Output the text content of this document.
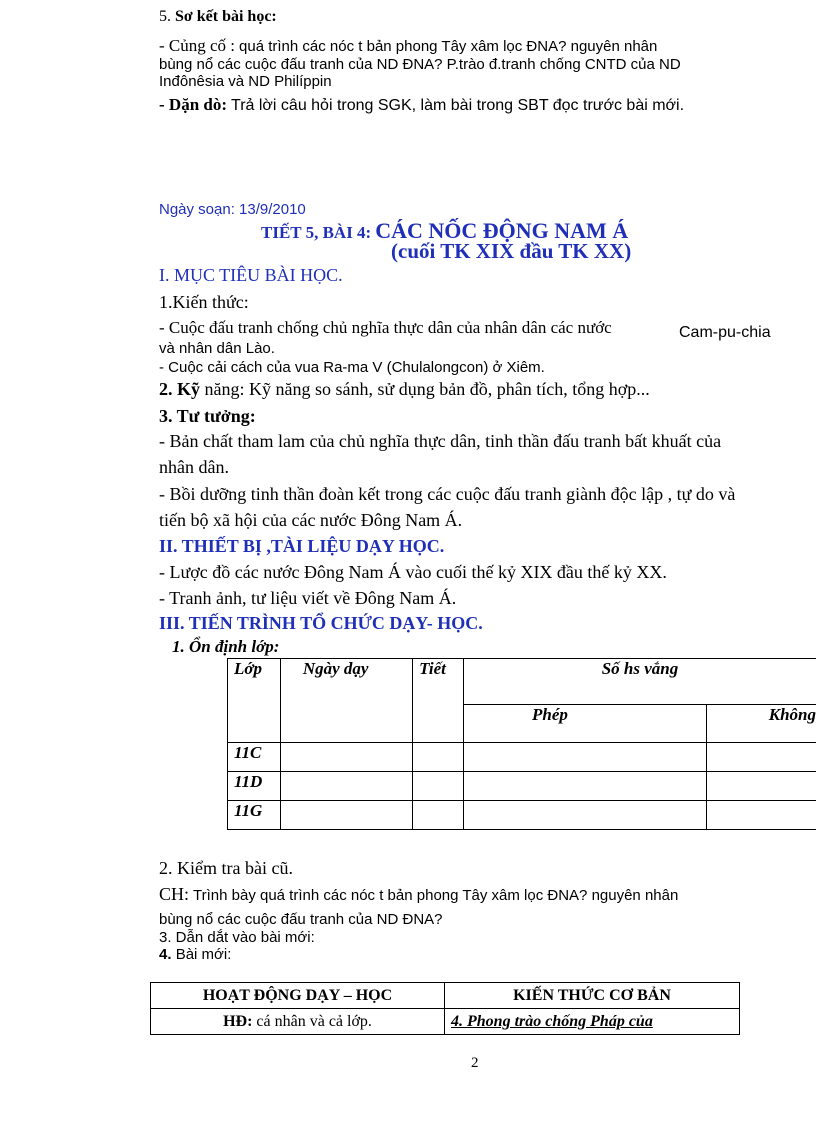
5. Sơ kết bài học:
- Củng cố : quá trình các nóc t bản phong Tây xâm lọc ĐNA? nguyên nhân
bùng nổ các cuộc đấu tranh của ND ĐNA? P.trào đ.tranh chống CNTD của ND
Inđônêsia và ND Philíppin
- Dặn dò: Trả lời câu hỏi trong SGK, làm bài trong SBT đọc trước bài mới.
Ngày soạn: 13/9/2010
TIẾT 5, BÀI 4: CÁC NỐC ĐỘNG NAM Á
(cuối TK XIX đầu TK XX)
I. MỤC TIÊU BÀI HỌC.
1.Kiến thức:
- Cuộc đấu tranh chống chủ nghĩa thực dân của nhân dân các nước	Cam-pu-chia
và nhân dân Lào.
- Cuộc cải cách của vua Ra-ma V (Chulalongcon) ở Xiêm.
2. Kỹ năng: Kỹ năng so sánh, sử dụng bản đồ, phân tích, tổng hợp...
3. Tư tưởng:
- Bản chất tham lam của chủ nghĩa thực dân, tinh thần đấu tranh bất khuất của
nhân dân.
- Bồi dưỡng tinh thần đoàn kết trong các cuộc đấu tranh giành độc lập , tự do và
tiến bộ xã hội của các nước Đông Nam Á.
II. THIẾT BỊ ,TÀI LIỆU DẠY HỌC.
- Lược đồ các nước Đông Nam Á vào cuối thế kỷ XIX đầu thế kỷ XX.
- Tranh ảnh, tư liệu viết về Đông Nam Á.
III. TIẾN TRÌNH TỔ CHỨC DẠY- HỌC.
1. Ổn định lớp:
Lớp	Ngày dạy	Tiết	Số hs vắng	
			Phép	Không
11C				
11D				
11G				
2. Kiểm tra bài cũ.
CH: Trình bày quá trình các nóc t bản phong Tây xâm lọc ĐNA? nguyên nhân
bùng nổ các cuộc đấu tranh của ND ĐNA?
3. Dẫn dắt vào bài mới:
4. Bài mới:
HOẠT ĐỘNG DẠY – HỌC	KIẾN THỨC CƠ BẢN
HĐ: cá nhân và cả lớp.	4. Phong trào chống Pháp của
2
